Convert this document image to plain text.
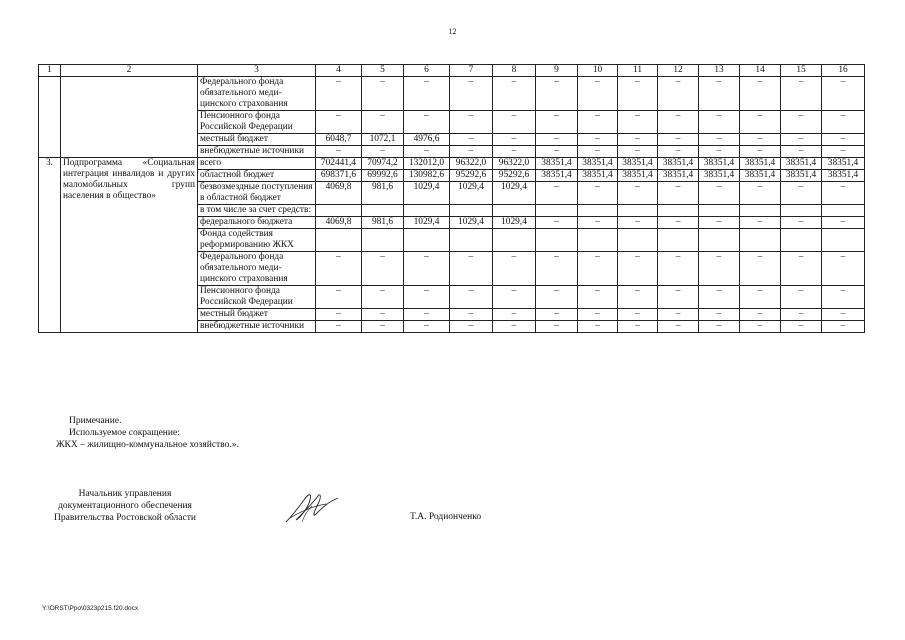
12
1	2	3	4	5	6	7	8	9	10	11	12	13	14	15	16
		Федерального фонда обязательного меди-цинского страхования	–	–	–	–	–	–	–	–	–	–	–	–	–
		Пенсионного фонда Российской Федерации	–	–	–	–	–	–	–	–	–	–	–	–	–
		местный бюджет	6048,7	1072,1	4976,6	–	–	–	–	–	–	–	–	–	–
		внебюджетные источники	–	–	–	–	–	–	–	–	–	–	–	–	–
3.	Подпрограмма «Социальная интеграция инвалидов и других маломобильных групп населения в общество»	всего	702441,4	70974,2	132012,0	96322,0	96322,0	38351,4	38351,4	38351,4	38351,4	38351,4	38351,4	38351,4	38351,4
		областной бюджет	698371,6	69992,6	130982,6	95292,6	95292,6	38351,4	38351,4	38351,4	38351,4	38351,4	38351,4	38351,4	38351,4
		безвозмездные поступления в областной бюджет	4069,8	981,6	1029,4	1029,4	1029,4	–	–	–	–	–	–	–	–
		в том числе за счет средств:													
		федерального бюджета	4069,8	981,6	1029,4	1029,4	1029,4	–	–	–	–	–	–	–	–
		Фонда содействия реформированию ЖКХ													
		Федерального фонда обязательного меди-цинского страхования	–	–	–	–	–	–	–	–	–	–	–	–	–
		Пенсионного фонда Российской Федерации	–	–	–	–	–	–	–	–	–	–	–	–	–
		местный бюджет	–	–	–	–	–	–	–	–	–	–	–	–	–
		внебюджетные источники	–	–	–	–	–	–	–	–	–	–	–	–	–
Примечание.
Используемое сокращение:
ЖКХ – жилищно-коммунальное хозяйство.».
Начальник управления
документационного обеспечения
Правительства Ростовской области	Т.А. Родионченко
Y:\ORST\Ppo\0323p215.f20.docx
